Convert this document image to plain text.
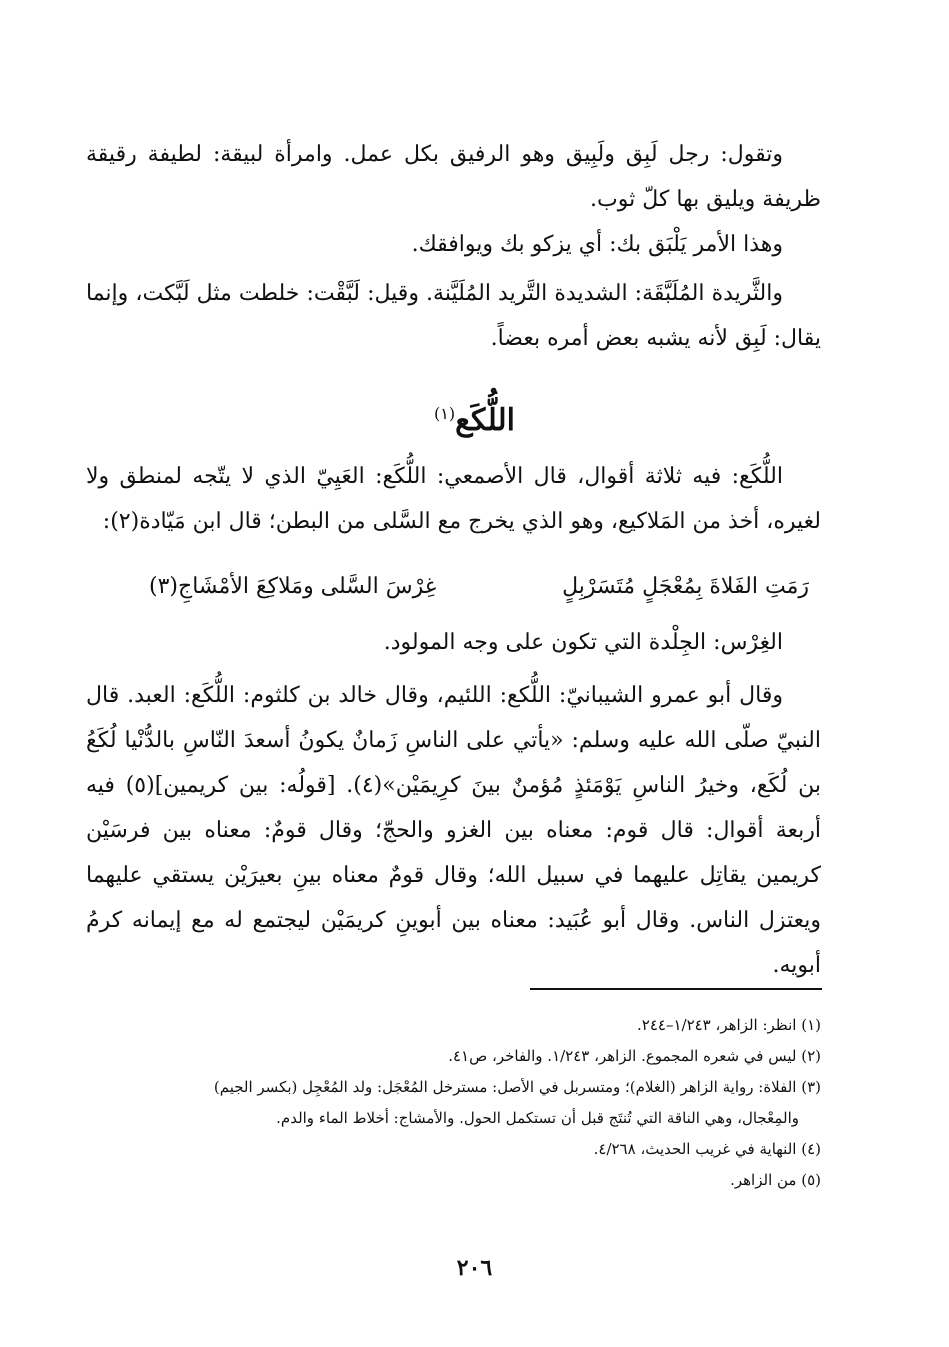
وتقول: رجل لَبِق ولَبِيق وهو الرفيق بكل عمل. وامرأة لبيقة: لطيفة رقيقة ظريفة ويليق بها كلّ ثوب.

وهذا الأمر يَلْبَق بك: أي يزكو بك ويوافقك.

والثَّريدة المُلَبَّقَة: الشديدة التَّريد المُلَيَّنة. وقيل: لَبَّقْت: خلطت مثل لَبَّكت، وإنما يقال: لَبِق لأنه يشبه بعض أمره بعضاً.

اللُّكَع$^{(١)}$

اللُّكَع: فيه ثلاثة أقوال، قال الأصمعي: اللُّكَع: العَيِيّ الذي لا يتّجه لمنطق ولا لغيره، أخذ من المَلاكيع، وهو الذي يخرج مع السَّلى من البطن؛ قال ابن مَيّادة(٢):

رَمَتِ الفَلاةَ بِمُعْجَلٍ مُتَسَرْبِلٍ
غِرْسَ السَّلى ومَلاكِعَ الأمْشَاجِ(٣)

الغِرْس: الجِلْدة التي تكون على وجه المولود.

وقال أبو عمرو الشيبانيّ: اللُّكع: اللئيم، وقال خالد بن كلثوم: اللُّكَع: العبد. قال النبيّ صلّى الله عليه وسلم: «يأتي على الناسِ زَمانٌ يكونُ أسعدَ النّاسِ بالدُّنْيا لُكَعُ بن لُكَع، وخيرُ الناسِ يَوْمَئذٍ مُؤمنٌ بينَ كرِيمَيْن»(٤). [قولُه: بين كريمين](٥) فيه أربعة أقوال: قال قوم: معناه بين الغزو والحجّ؛ وقال قومٌ: معناه بين فرسَيْن كريمين يقاتِل عليهما في سبيل الله؛ وقال قومٌ معناه بينِ بعيرَيْن يستقي عليهما ويعتزل الناس. وقال أبو عُبَيد: معناه بين أبوينِ كريمَيْن ليجتمع له مع إيمانه كرمُ أبويه.

(١) انظر: الزاهر، ١/٢٤٣–٢٤٤.

(٢) ليس في شعره المجموع. الزاهر، ١/٢٤٣. والفاخر، ص٤١.

(٣) الفلاة: رواية الزاهر (الغلام)؛ ومتسربل في الأصل: مسترخل المُعْجَل: ولد المُعْجِل (بكسر الجيم)

والمِعْجال، وهي الناقة التي تُنتَج قبل أن تستكمل الحول. والأمشاج: أخلاط الماء والدم.

(٤) النهاية في غريب الحديث، ٤/٢٦٨.

(٥) من الزاهر.

٢٠٦
